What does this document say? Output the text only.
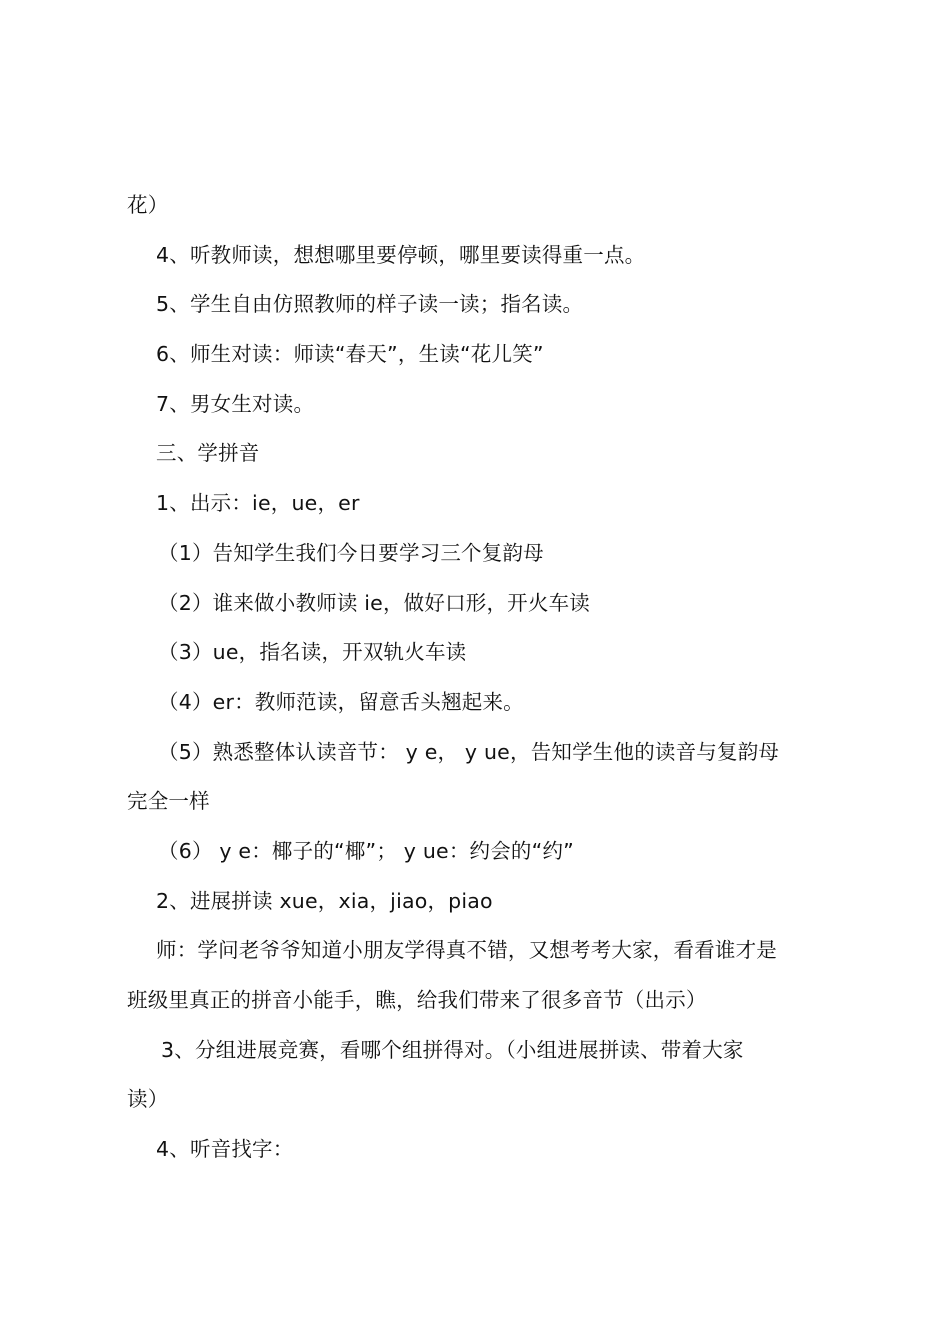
花）
4、听教师读，想想哪里要停顿，哪里要读得重一点。
5、学生自由仿照教师的样子读一读；指名读。
6、师生对读：师读“春天”，生读“花儿笑”
7、男女生对读。
三、学拼音
1、出示：ie，ue，er
（1）告知学生我们今日要学习三个复韵母
（2）谁来做小教师读 ie，做好口形，开火车读
（3）ue，指名读，开双轨火车读
（4）er：教师范读，留意舌头翘起来。
（5）熟悉整体认读音节： y e， y ue，告知学生他的读音与复韵母
完全一样
（6） y e：椰子的“椰”； y ue：约会的“约”
2、进展拼读 xue，xia，jiao，piao
师：学问老爷爷知道小朋友学得真不错，又想考考大家，看看谁才是
班级里真正的拼音小能手，瞧，给我们带来了很多音节（出示）
3、分组进展竞赛，看哪个组拼得对。（小组进展拼读、带着大家
读）
4、听音找字：
